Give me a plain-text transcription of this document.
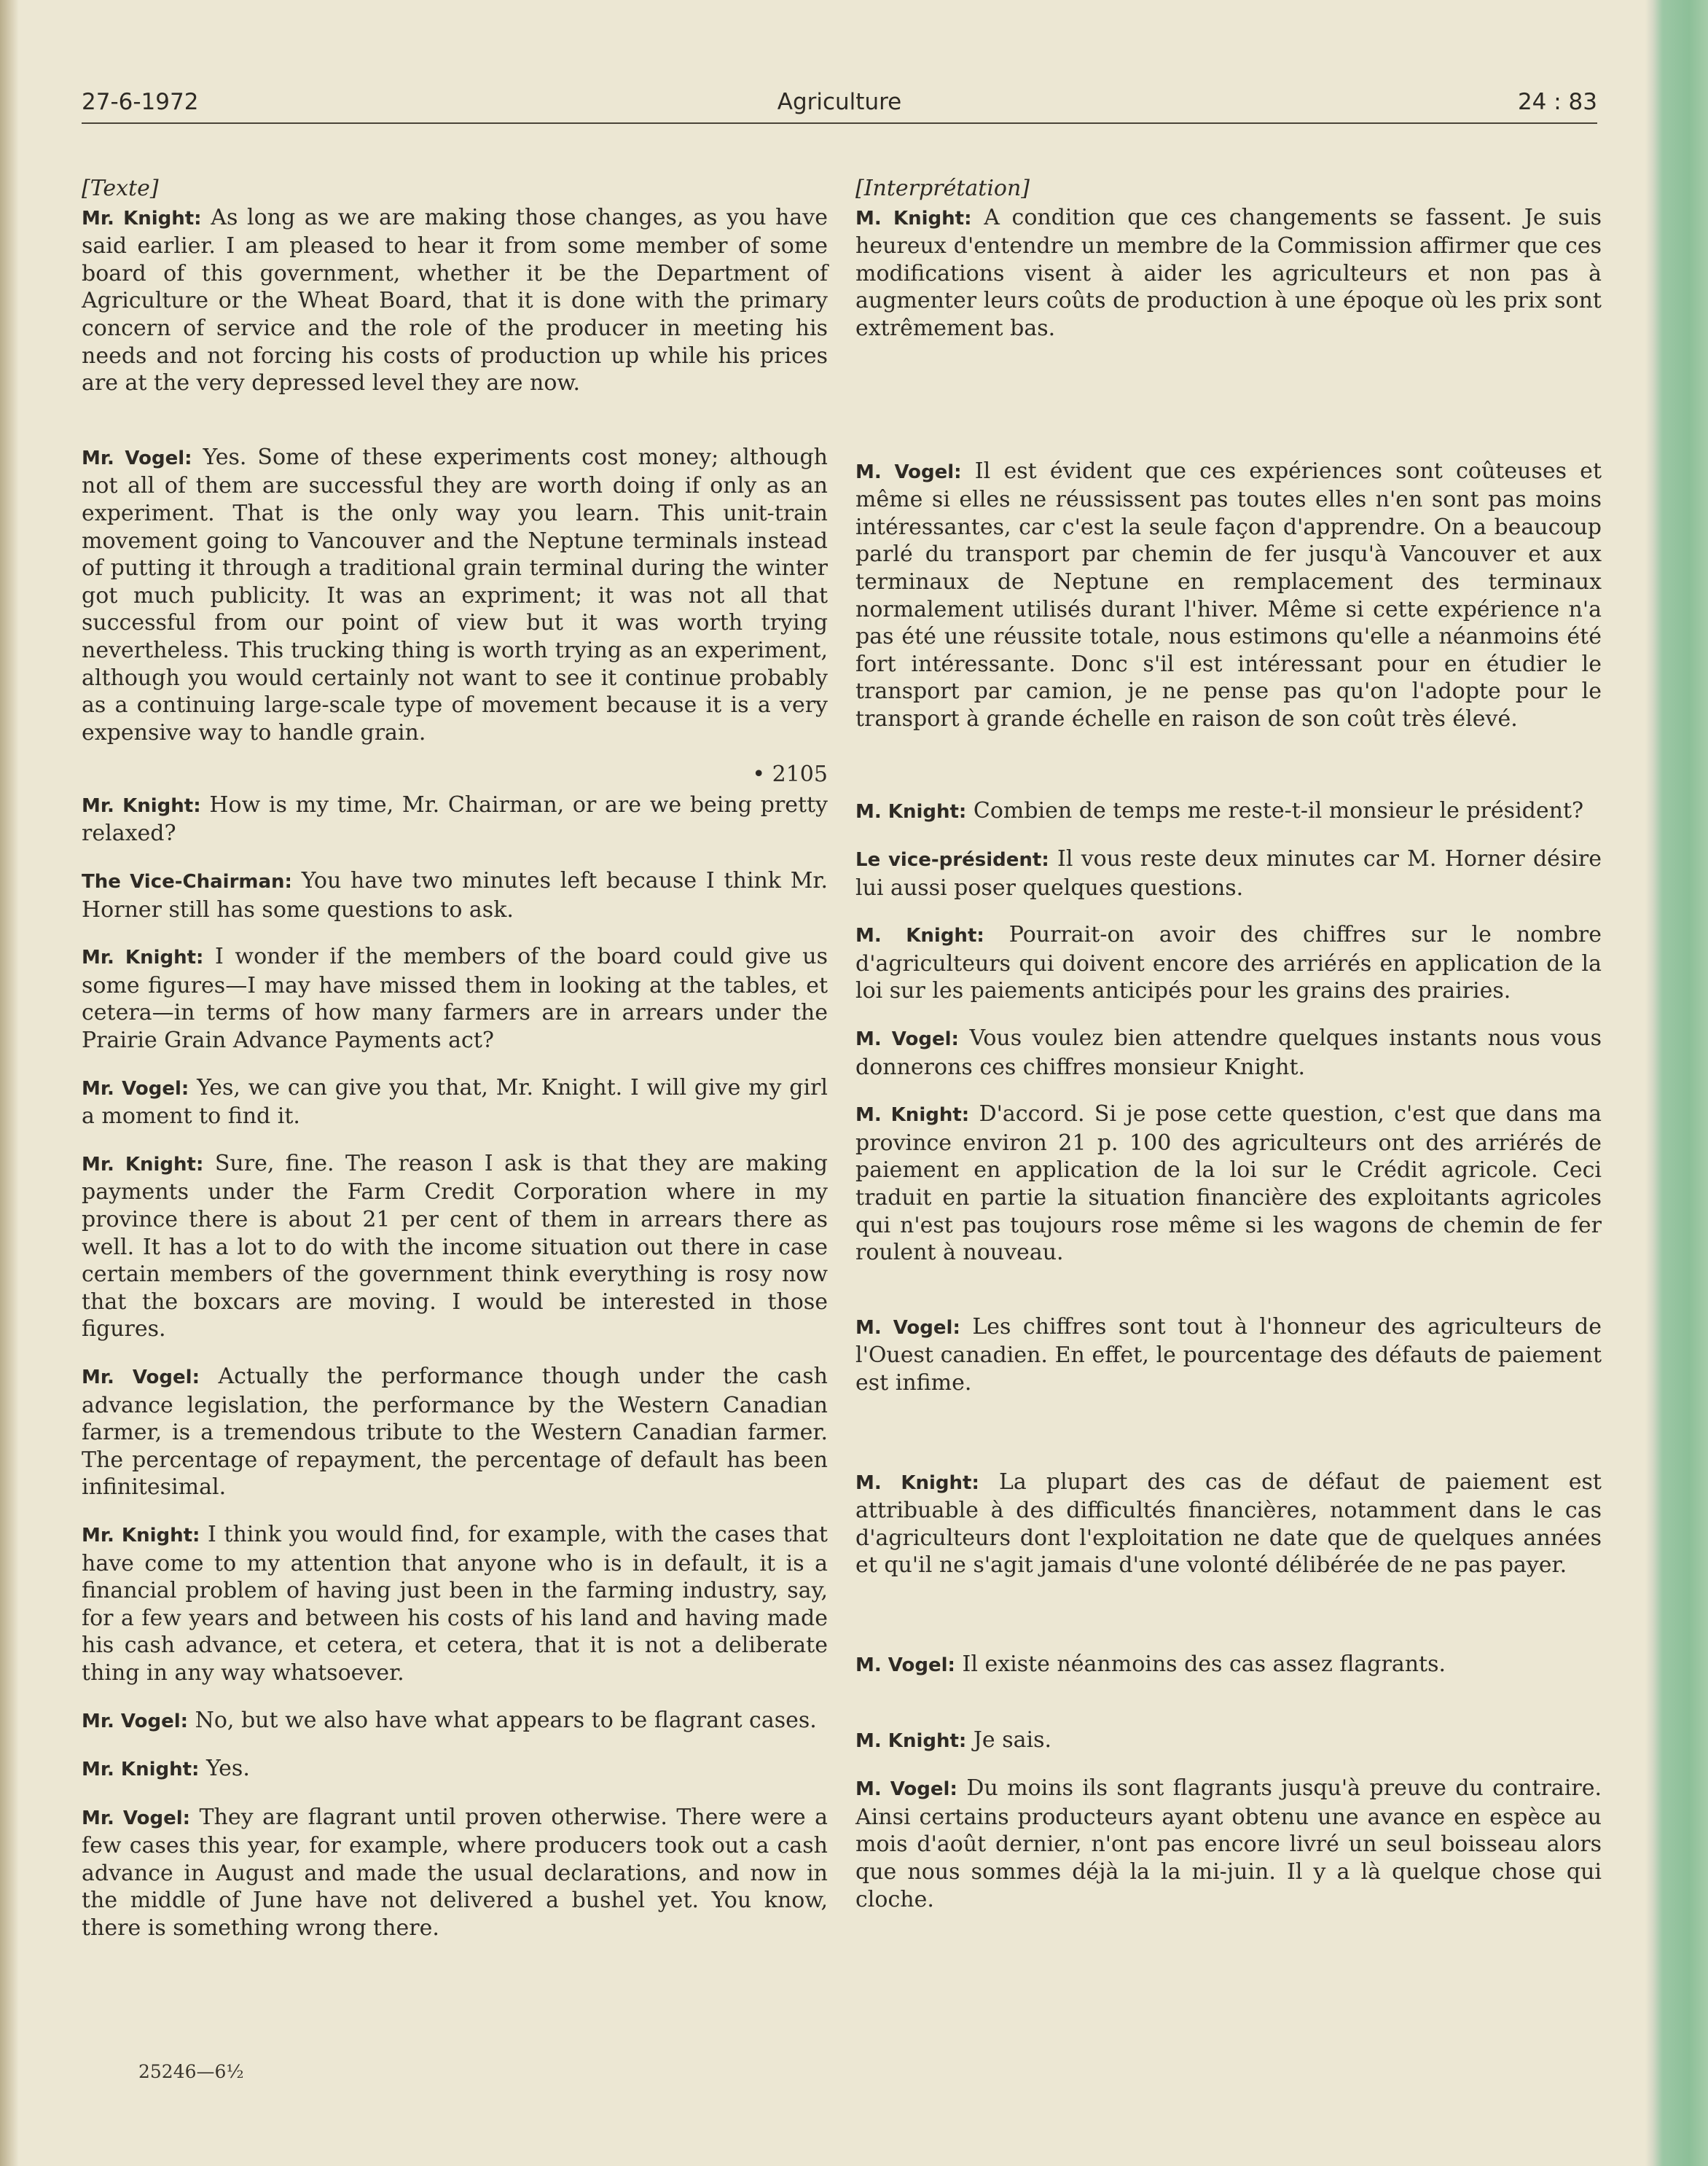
27-6-1972	Agriculture	24 : 83

[Texte]

Mr. Knight: As long as we are making those changes, as you have said earlier. I am pleased to hear it from some member of some board of this government, whether it be the Department of Agriculture or the Wheat Board, that it is done with the primary concern of service and the role of the producer in meeting his needs and not forcing his costs of production up while his prices are at the very depressed level they are now.

Mr. Vogel: Yes. Some of these experiments cost money; although not all of them are successful they are worth doing if only as an experiment. That is the only way you learn. This unit-train movement going to Vancouver and the Neptune terminals instead of putting it through a traditional grain terminal during the winter got much publicity. It was an expriment; it was not all that successful from our point of view but it was worth trying nevertheless. This trucking thing is worth trying as an experiment, although you would certainly not want to see it continue probably as a continuing large-scale type of movement because it is a very expensive way to handle grain.

• 2105

Mr. Knight: How is my time, Mr. Chairman, or are we being pretty relaxed?

The Vice-Chairman: You have two minutes left because I think Mr. Horner still has some questions to ask.

Mr. Knight: I wonder if the members of the board could give us some figures—I may have missed them in looking at the tables, et cetera—in terms of how many farmers are in arrears under the Prairie Grain Advance Payments act?

Mr. Vogel: Yes, we can give you that, Mr. Knight. I will give my girl a moment to find it.

Mr. Knight: Sure, fine. The reason I ask is that they are making payments under the Farm Credit Corporation where in my province there is about 21 per cent of them in arrears there as well. It has a lot to do with the income situation out there in case certain members of the government think everything is rosy now that the boxcars are moving. I would be interested in those figures.

Mr. Vogel: Actually the performance though under the cash advance legislation, the performance by the Western Canadian farmer, is a tremendous tribute to the Western Canadian farmer. The percentage of repayment, the percentage of default has been infinitesimal.

Mr. Knight: I think you would find, for example, with the cases that have come to my attention that anyone who is in default, it is a financial problem of having just been in the farming industry, say, for a few years and between his costs of his land and having made his cash advance, et cetera, et cetera, that it is not a deliberate thing in any way whatsoever.

Mr. Vogel: No, but we also have what appears to be flagrant cases.

Mr. Knight: Yes.

Mr. Vogel: They are flagrant until proven otherwise. There were a few cases this year, for example, where producers took out a cash advance in August and made the usual declarations, and now in the middle of June have not delivered a bushel yet. You know, there is something wrong there.

[Interprétation]

M. Knight: A condition que ces changements se fassent. Je suis heureux d'entendre un membre de la Commission affirmer que ces modifications visent à aider les agriculteurs et non pas à augmenter leurs coûts de production à une époque où les prix sont extrêmement bas.

M. Vogel: Il est évident que ces expériences sont coûteuses et même si elles ne réussissent pas toutes elles n'en sont pas moins intéressantes, car c'est la seule façon d'apprendre. On a beaucoup parlé du transport par chemin de fer jusqu'à Vancouver et aux terminaux de Neptune en remplacement des terminaux normalement utilisés durant l'hiver. Même si cette expérience n'a pas été une réussite totale, nous estimons qu'elle a néanmoins été fort intéressante. Donc s'il est intéressant pour en étudier le transport par camion, je ne pense pas qu'on l'adopte pour le transport à grande échelle en raison de son coût très élevé.

M. Knight: Combien de temps me reste-t-il monsieur le président?

Le vice-président: Il vous reste deux minutes car M. Horner désire lui aussi poser quelques questions.

M. Knight: Pourrait-on avoir des chiffres sur le nombre d'agriculteurs qui doivent encore des arriérés en application de la loi sur les paiements anticipés pour les grains des prairies.

M. Vogel: Vous voulez bien attendre quelques instants nous vous donnerons ces chiffres monsieur Knight.

M. Knight: D'accord. Si je pose cette question, c'est que dans ma province environ 21 p. 100 des agriculteurs ont des arriérés de paiement en application de la loi sur le Crédit agricole. Ceci traduit en partie la situation financière des exploitants agricoles qui n'est pas toujours rose même si les wagons de chemin de fer roulent à nouveau.

M. Vogel: Les chiffres sont tout à l'honneur des agriculteurs de l'Ouest canadien. En effet, le pourcentage des défauts de paiement est infime.

M. Knight: La plupart des cas de défaut de paiement est attribuable à des difficultés financières, notamment dans le cas d'agriculteurs dont l'exploitation ne date que de quelques années et qu'il ne s'agit jamais d'une volonté délibérée de ne pas payer.

M. Vogel: Il existe néanmoins des cas assez flagrants.

M. Knight: Je sais.

M. Vogel: Du moins ils sont flagrants jusqu'à preuve du contraire. Ainsi certains producteurs ayant obtenu une avance en espèce au mois d'août dernier, n'ont pas encore livré un seul boisseau alors que nous sommes déjà la la mi-juin. Il y a là quelque chose qui cloche.

25246—6½
